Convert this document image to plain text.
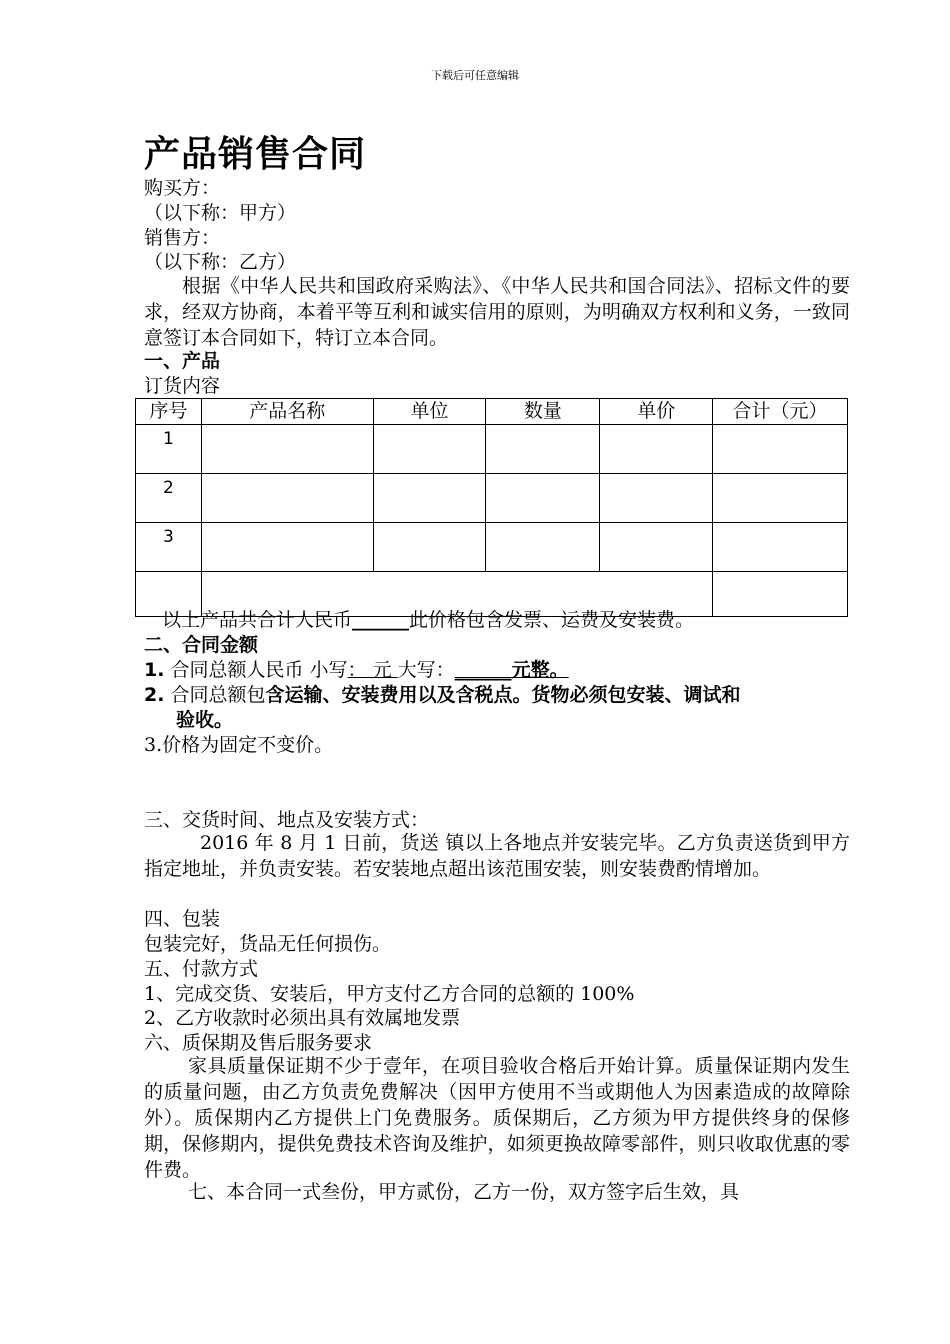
下载后可任意编辑
产品销售合同
购买方：
（以下称：甲方）
销售方：
（以下称：乙方）
根据《中华人民共和国政府采购法》、《中华人民共和国合同法》、招标文件的要求，经双方协商，本着平等互利和诚实信用的原则，为明确双方权利和义务，一致同意签订本合同如下，特订立本合同。
一、产品
订货内容
序号	产品名称	单位	数量	单价	合计（元）
1					
2					
3					

以上产品共合计人民币______此价格包含发票、运费及安装费。
二、合同金额
1. 合同总额人民币 小写： 元 大写：______元整。
2. 合同总额包含运输、安装费用以及含税点。货物必须包安装、调试和
验收。
3.价格为固定不变价。
三、交货时间、地点及安装方式：
2016 年 8 月 1 日前，货送 镇以上各地点并安装完毕。乙方负责送货到甲方指定地址，并负责安装。若安装地点超出该范围安装，则安装费酌情增加。
四、包装
包装完好，货品无任何损伤。
五、付款方式
1、完成交货、安装后，甲方支付乙方合同的总额的 100%
2、乙方收款时必须出具有效属地发票
六、质保期及售后服务要求
家具质量保证期不少于壹年，在项目验收合格后开始计算。质量保证期内发生的质量问题，由乙方负责免费解决（因甲方使用不当或期他人为因素造成的故障除外）。质保期内乙方提供上门免费服务。质保期后，乙方须为甲方提供终身的保修期，保修期内，提供免费技术咨询及维护，如须更换故障零部件，则只收取优惠的零件费。
七、本合同一式叁份，甲方贰份，乙方一份，双方签字后生效，具
